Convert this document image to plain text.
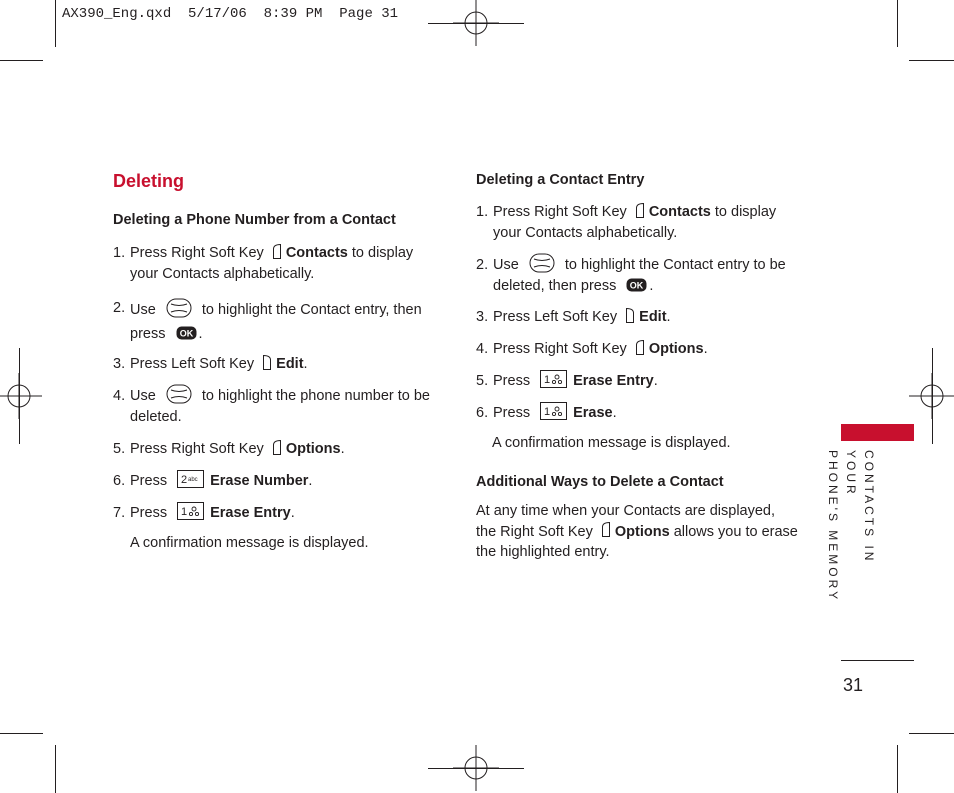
AX390_Eng.qxd  5/17/06  8:39 PM  Page 31
Deleting
Deleting a Phone Number from a Contact
1. Press Right Soft Key
Contacts to display your Contacts alphabetically.
2. Use	to highlight the Contact entry, then press OK .
3. Press Left Soft Key
Edit.
4. Use	to highlight the phone number to be deleted.
5. Press Right Soft Key
Options.
6. Press 2 abc Erase Number.
7. Press 1 Erase Entry.
A confirmation message is displayed.
Deleting a Contact Entry
1. Press Right Soft Key
Contacts to display your Contacts alphabetically.
2. Use	to highlight the Contact entry to be deleted, then press OK .
3. Press Left Soft Key
Edit.
4. Press Right Soft Key
Options.
5. Press 1 Erase Entry.
6. Press 1 Erase.
A confirmation message is displayed.
Additional Ways to Delete a Contact
At any time when your Contacts are displayed, the Right Soft Key
Options allows you to erase the highlighted entry.	CONTACTS IN YOUR
PHONE'S MEMORY
31
